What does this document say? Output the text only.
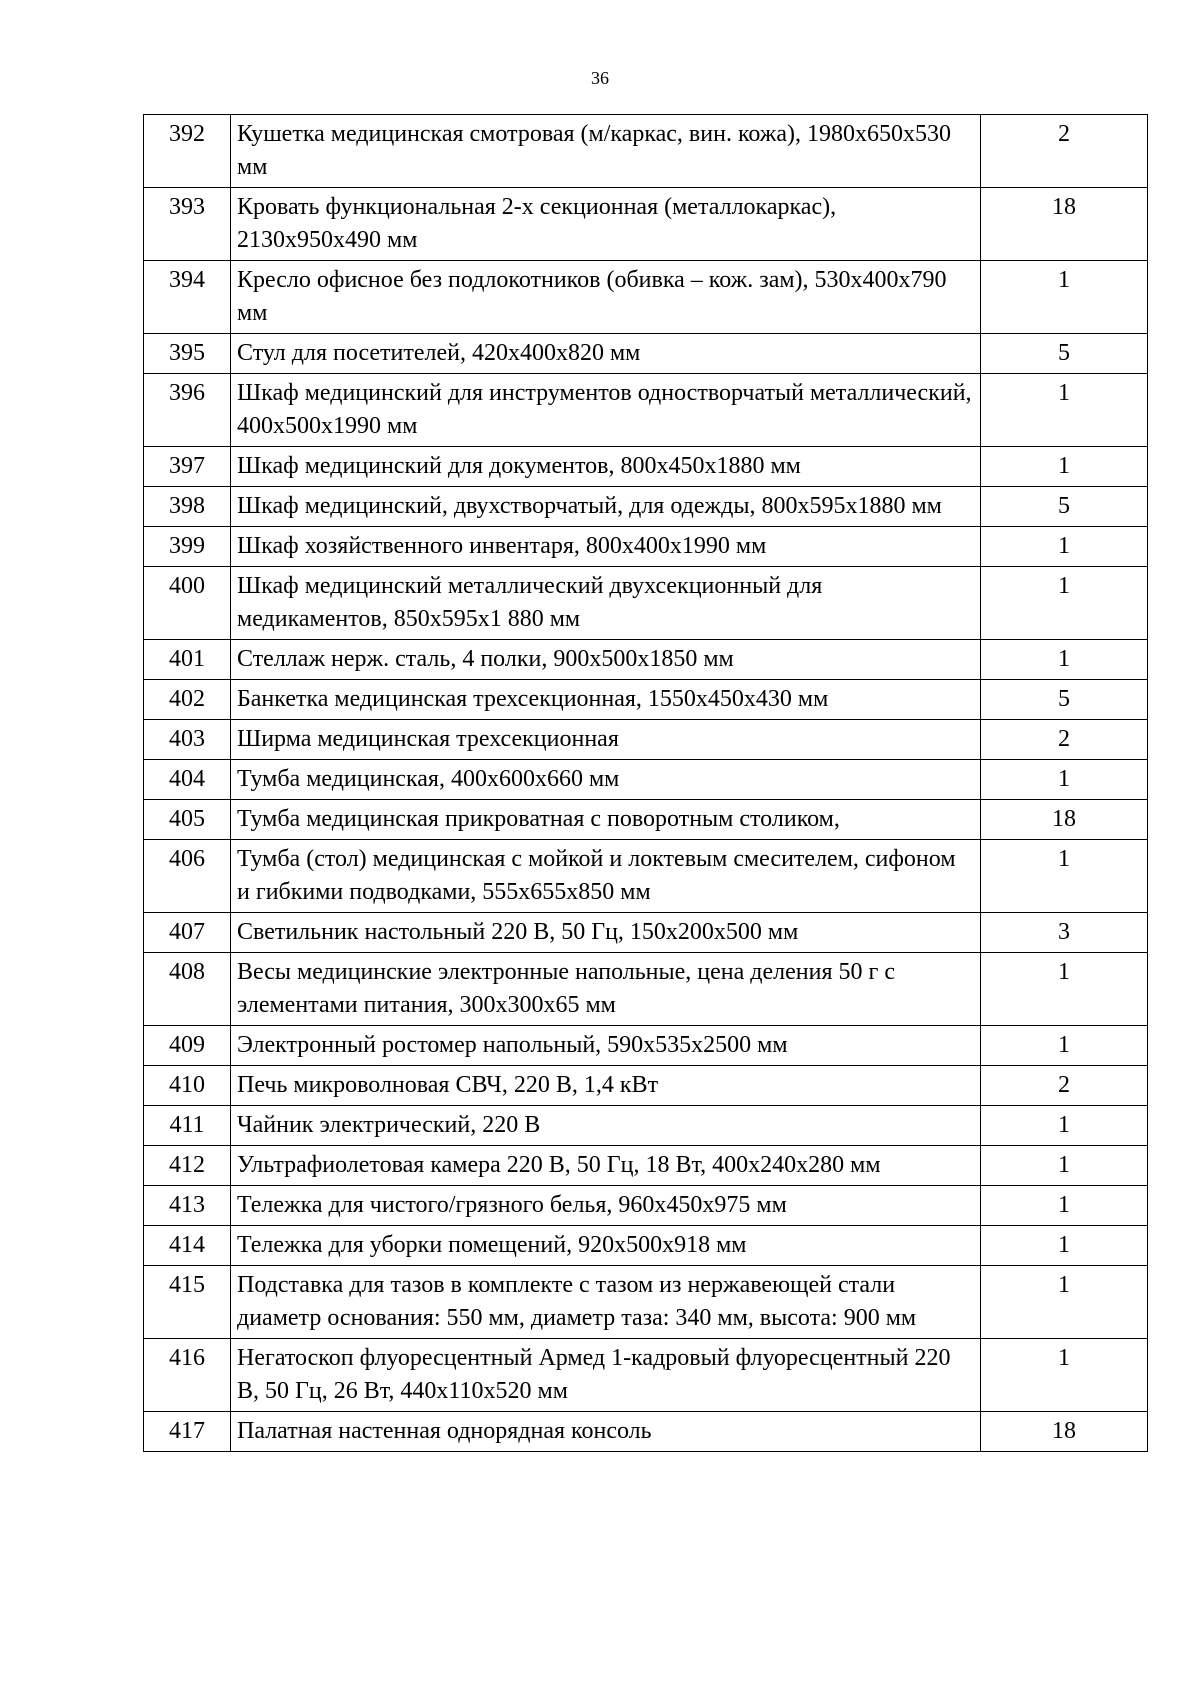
36
392	Кушетка медицинская смотровая (м/каркас, вин. кожа), 1980x650x530 мм	2
393	Кровать функциональная 2-х секционная (металлокаркас), 2130x950x490 мм	18
394	Кресло офисное без подлокотников (обивка – кож. зам), 530x400x790 мм	1
395	Стул для посетителей, 420x400x820 мм	5
396	Шкаф медицинский для инструментов одностворчатый металлический, 400x500x1990 мм	1
397	Шкаф медицинский для документов, 800x450x1880 мм	1
398	Шкаф медицинский, двухстворчатый, для одежды, 800x595x1880 мм	5
399	Шкаф хозяйственного инвентаря, 800x400x1990 мм	1
400	Шкаф медицинский металлический двухсекционный для медикаментов, 850x595x1 880 мм	1
401	Стеллаж нерж. сталь, 4 полки, 900x500x1850 мм	1
402	Банкетка медицинская трехсекционная, 1550x450x430 мм	5
403	Ширма медицинская трехсекционная	2
404	Тумба медицинская, 400x600x660 мм	1
405	Тумба медицинская прикроватная с поворотным столиком,	18
406	Тумба (стол) медицинская с мойкой и локтевым смесителем, сифоном и гибкими подводками, 555x655x850 мм	1
407	Светильник настольный 220 В, 50 Гц, 150x200x500 мм	3
408	Весы медицинские электронные напольные, цена деления 50 г с элементами питания, 300x300x65 мм	1
409	Электронный ростомер напольный, 590x535x2500 мм	1
410	Печь микроволновая СВЧ, 220 В, 1,4 кВт	2
411	Чайник электрический, 220 В	1
412	Ультрафиолетовая камера 220 В, 50 Гц, 18 Вт, 400x240x280 мм	1
413	Тележка для чистого/грязного белья, 960x450x975 мм	1
414	Тележка для уборки помещений, 920x500x918 мм	1
415	Подставка для тазов в комплекте с тазом из нержавеющей стали диаметр основания: 550 мм, диаметр таза: 340 мм, высота: 900 мм	1
416	Негатоскоп флуоресцентный Армед 1-кадровый флуоресцентный 220 В, 50 Гц, 26 Вт, 440x110x520 мм	1
417	Палатная настенная однорядная консоль	18
